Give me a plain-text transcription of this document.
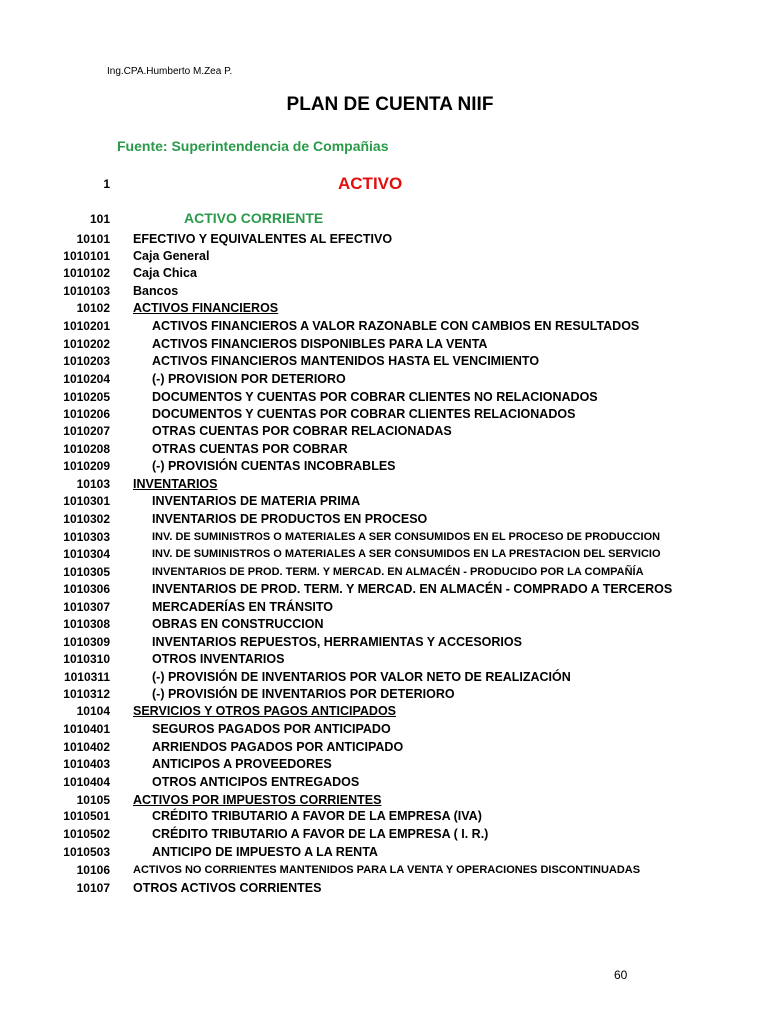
Ing.CPA.Humberto M.Zea P.
PLAN DE CUENTA NIIF
Fuente: Superintendencia de Compañias
1	ACTIVO
101	ACTIVO CORRIENTE
10101 EFECTIVO Y EQUIVALENTES AL EFECTIVO
1010101 Caja General
1010102 Caja Chica
1010103 Bancos
10102 ACTIVOS FINANCIEROS
1010201	ACTIVOS FINANCIEROS A VALOR RAZONABLE CON CAMBIOS EN RESULTADOS
1010202	ACTIVOS FINANCIEROS DISPONIBLES PARA LA VENTA
1010203	ACTIVOS FINANCIEROS MANTENIDOS HASTA EL VENCIMIENTO
1010204	(-) PROVISION POR DETERIORO
1010205	DOCUMENTOS Y CUENTAS POR COBRAR CLIENTES NO RELACIONADOS
1010206	DOCUMENTOS Y CUENTAS POR COBRAR CLIENTES RELACIONADOS
1010207	OTRAS CUENTAS POR COBRAR RELACIONADAS
1010208	OTRAS CUENTAS POR COBRAR
1010209	(-) PROVISIÓN CUENTAS INCOBRABLES
10103 INVENTARIOS
1010301	INVENTARIOS DE MATERIA PRIMA
1010302	INVENTARIOS DE PRODUCTOS EN PROCESO
1010303	INV. DE SUMINISTROS O MATERIALES A SER CONSUMIDOS EN EL PROCESO DE PRODUCCION
1010304	INV. DE SUMINISTROS O MATERIALES A SER CONSUMIDOS EN LA PRESTACION DEL SERVICIO
1010305	INVENTARIOS DE PROD. TERM. Y MERCAD. EN ALMACÉN - PRODUCIDO POR LA COMPAÑÍA
1010306	INVENTARIOS DE PROD. TERM. Y MERCAD. EN ALMACÉN - COMPRADO A TERCEROS
1010307	MERCADERÍAS EN TRÁNSITO
1010308	OBRAS EN CONSTRUCCION
1010309	INVENTARIOS REPUESTOS, HERRAMIENTAS Y ACCESORIOS
1010310	OTROS INVENTARIOS
1010311	(-) PROVISIÓN DE INVENTARIOS POR VALOR NETO DE REALIZACIÓN
1010312	(-) PROVISIÓN DE INVENTARIOS POR DETERIORO
10104 SERVICIOS Y OTROS PAGOS ANTICIPADOS
1010401	SEGUROS PAGADOS POR ANTICIPADO
1010402	ARRIENDOS PAGADOS POR ANTICIPADO
1010403	ANTICIPOS A PROVEEDORES
1010404	OTROS ANTICIPOS ENTREGADOS
10105 ACTIVOS POR IMPUESTOS CORRIENTES
1010501	CRÉDITO TRIBUTARIO A FAVOR DE LA EMPRESA (IVA)
1010502	CRÉDITO TRIBUTARIO A FAVOR DE LA EMPRESA ( I. R.)
1010503	ANTICIPO DE IMPUESTO A LA RENTA
10106 ACTIVOS NO CORRIENTES MANTENIDOS PARA LA VENTA Y OPERACIONES DISCONTINUADAS
10107 OTROS ACTIVOS CORRIENTES
60
